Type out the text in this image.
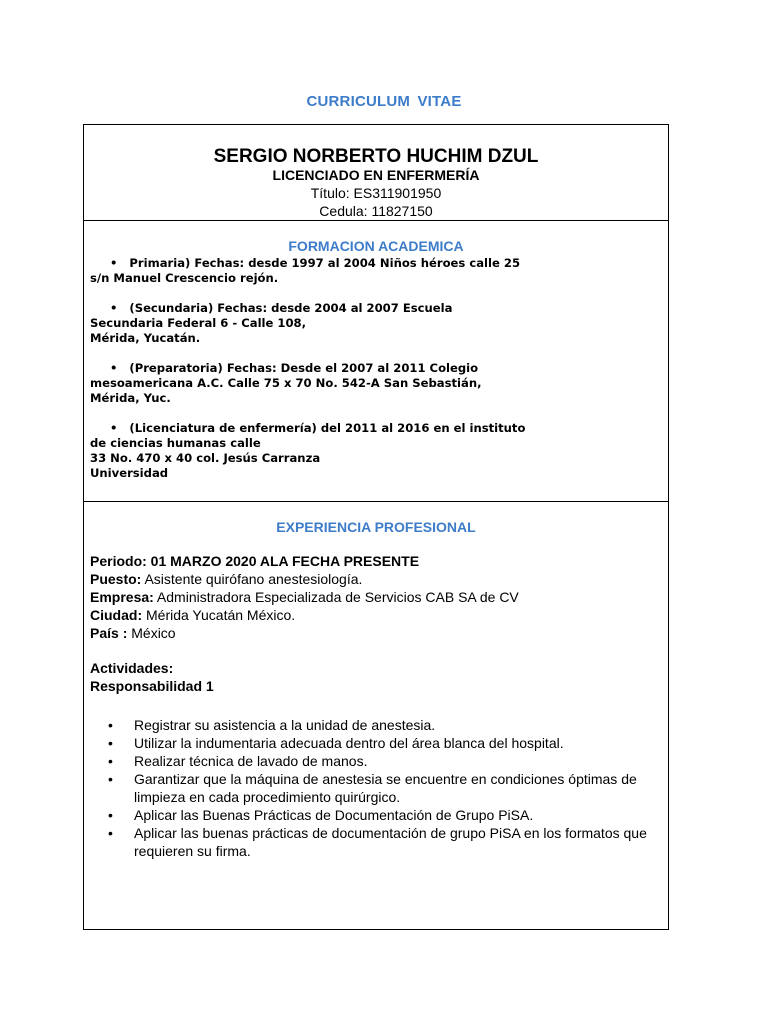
CURRICULUM VITAE
SERGIO NORBERTO HUCHIM DZUL
LICENCIADO EN ENFERMERÍA
Título: ES311901950
Cedula: 11827150
FORMACION ACADEMICA
• Primaria) Fechas: desde 1997 al 2004 Niños héroes calle 25
s/n Manuel Crescencio rejón.
• (Secundaria) Fechas: desde 2004 al 2007 Escuela
Secundaria Federal 6 - Calle 108,
Mérida, Yucatán.
• (Preparatoria) Fechas: Desde el 2007 al 2011 Colegio
mesoamericana A.C. Calle 75 x 70 No. 542-A San Sebastián,
Mérida, Yuc.
• (Licenciatura de enfermería) del 2011 al 2016 en el instituto
de ciencias humanas calle
33 No. 470 x 40 col. Jesús Carranza
Universidad
EXPERIENCIA PROFESIONAL
Periodo: 01 MARZO 2020 ALA FECHA PRESENTE
Puesto: Asistente quirófano anestesiología.
Empresa: Administradora Especializada de Servicios CAB SA de CV
Ciudad: Mérida Yucatán México.
País : México
Actividades:
Responsabilidad 1
• Registrar su asistencia a la unidad de anestesia.
• Utilizar la indumentaria adecuada dentro del área blanca del hospital.
• Realizar técnica de lavado de manos.
• Garantizar que la máquina de anestesia se encuentre en condiciones óptimas de limpieza en cada procedimiento quirúrgico.
• Aplicar las Buenas Prácticas de Documentación de Grupo PiSA.
• Aplicar las buenas prácticas de documentación de grupo PiSA en los formatos que requieren su firma.
